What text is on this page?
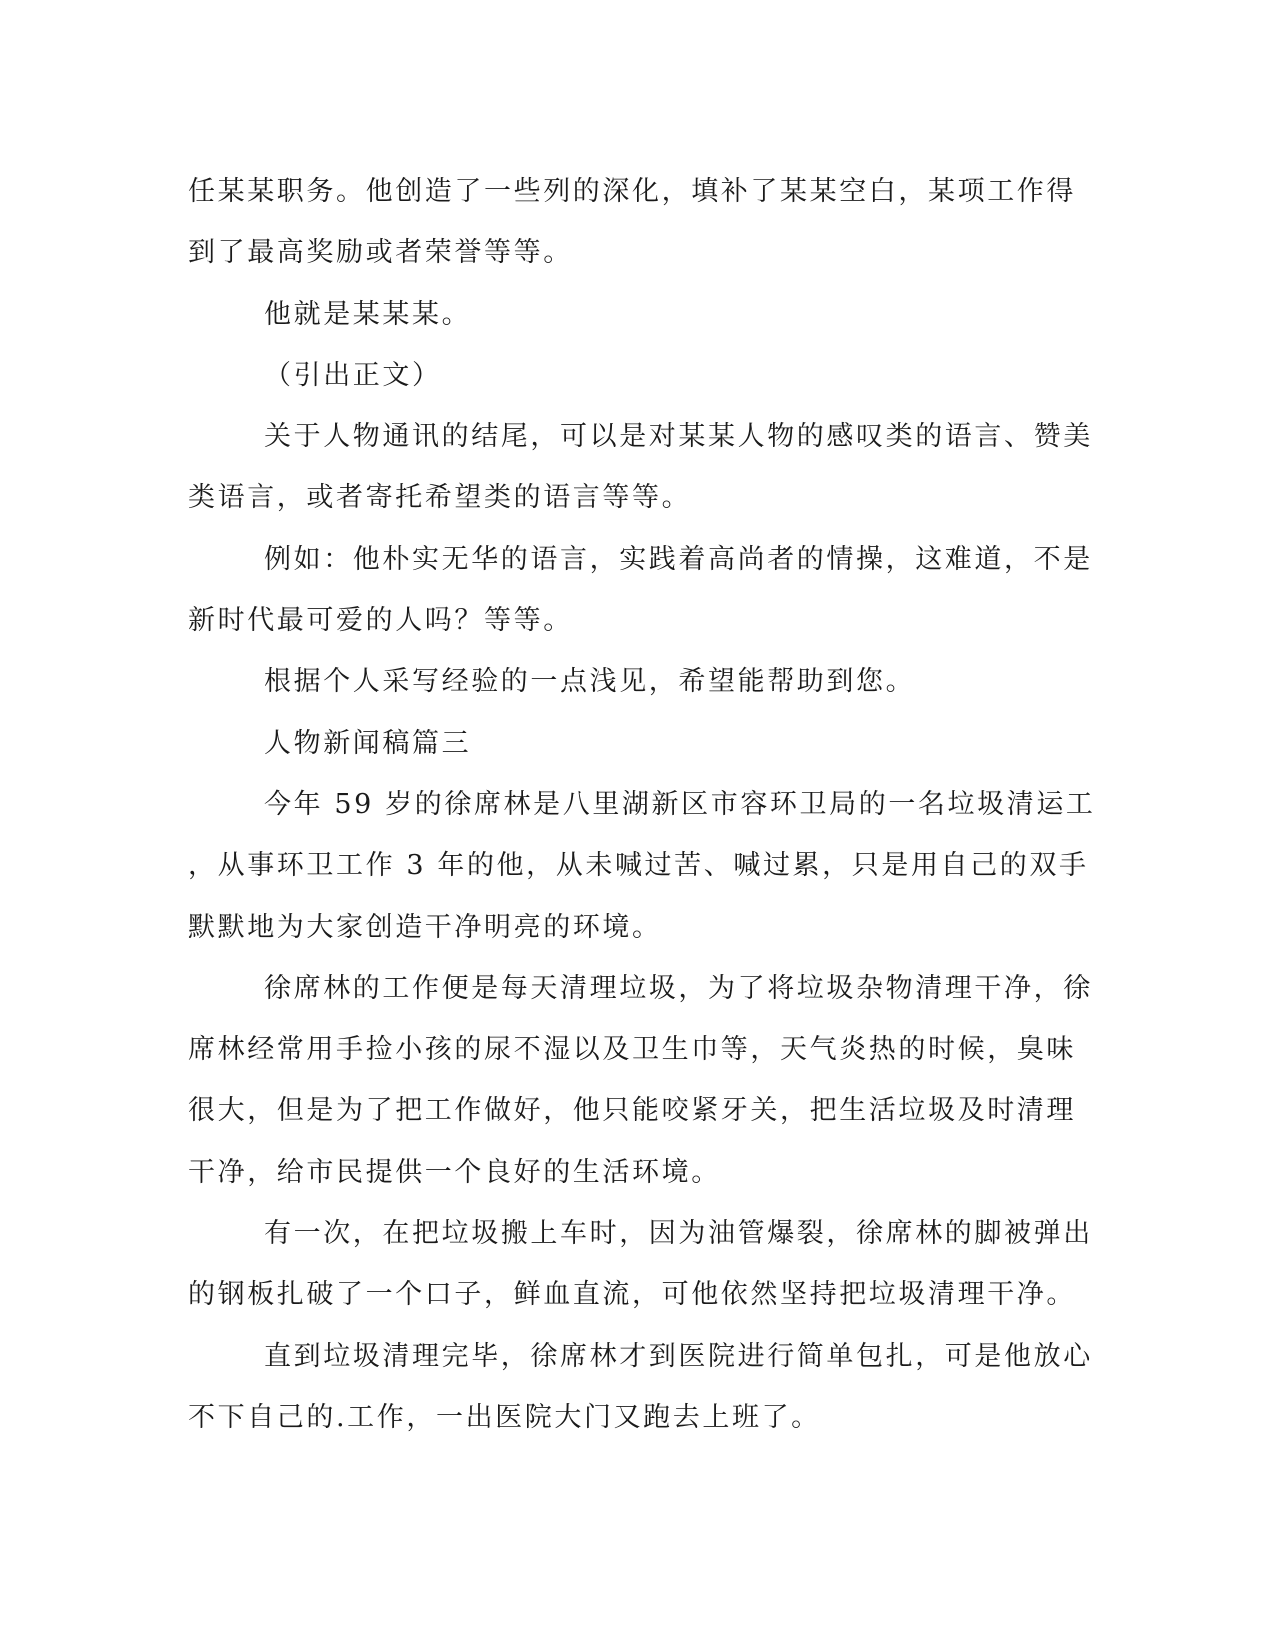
任某某职务。他创造了一些列的深化，填补了某某空白，某项工作得
到了最高奖励或者荣誉等等。
他就是某某某。
（引出正文）
关于人物通讯的结尾，可以是对某某人物的感叹类的语言、赞美
类语言，或者寄托希望类的语言等等。
例如：他朴实无华的语言，实践着高尚者的情操，这难道，不是
新时代最可爱的人吗？等等。
根据个人采写经验的一点浅见，希望能帮助到您。
人物新闻稿篇三
今年 59 岁的徐席林是八里湖新区市容环卫局的一名垃圾清运工
，从事环卫工作 3 年的他，从未喊过苦、喊过累，只是用自己的双手
默默地为大家创造干净明亮的环境。
徐席林的工作便是每天清理垃圾，为了将垃圾杂物清理干净，徐
席林经常用手捡小孩的尿不湿以及卫生巾等，天气炎热的时候，臭味
很大，但是为了把工作做好，他只能咬紧牙关，把生活垃圾及时清理
干净，给市民提供一个良好的生活环境。
有一次，在把垃圾搬上车时，因为油管爆裂，徐席林的脚被弹出
的钢板扎破了一个口子，鲜血直流，可他依然坚持把垃圾清理干净。
直到垃圾清理完毕，徐席林才到医院进行简单包扎，可是他放心
不下自己的.工作，一出医院大门又跑去上班了。
